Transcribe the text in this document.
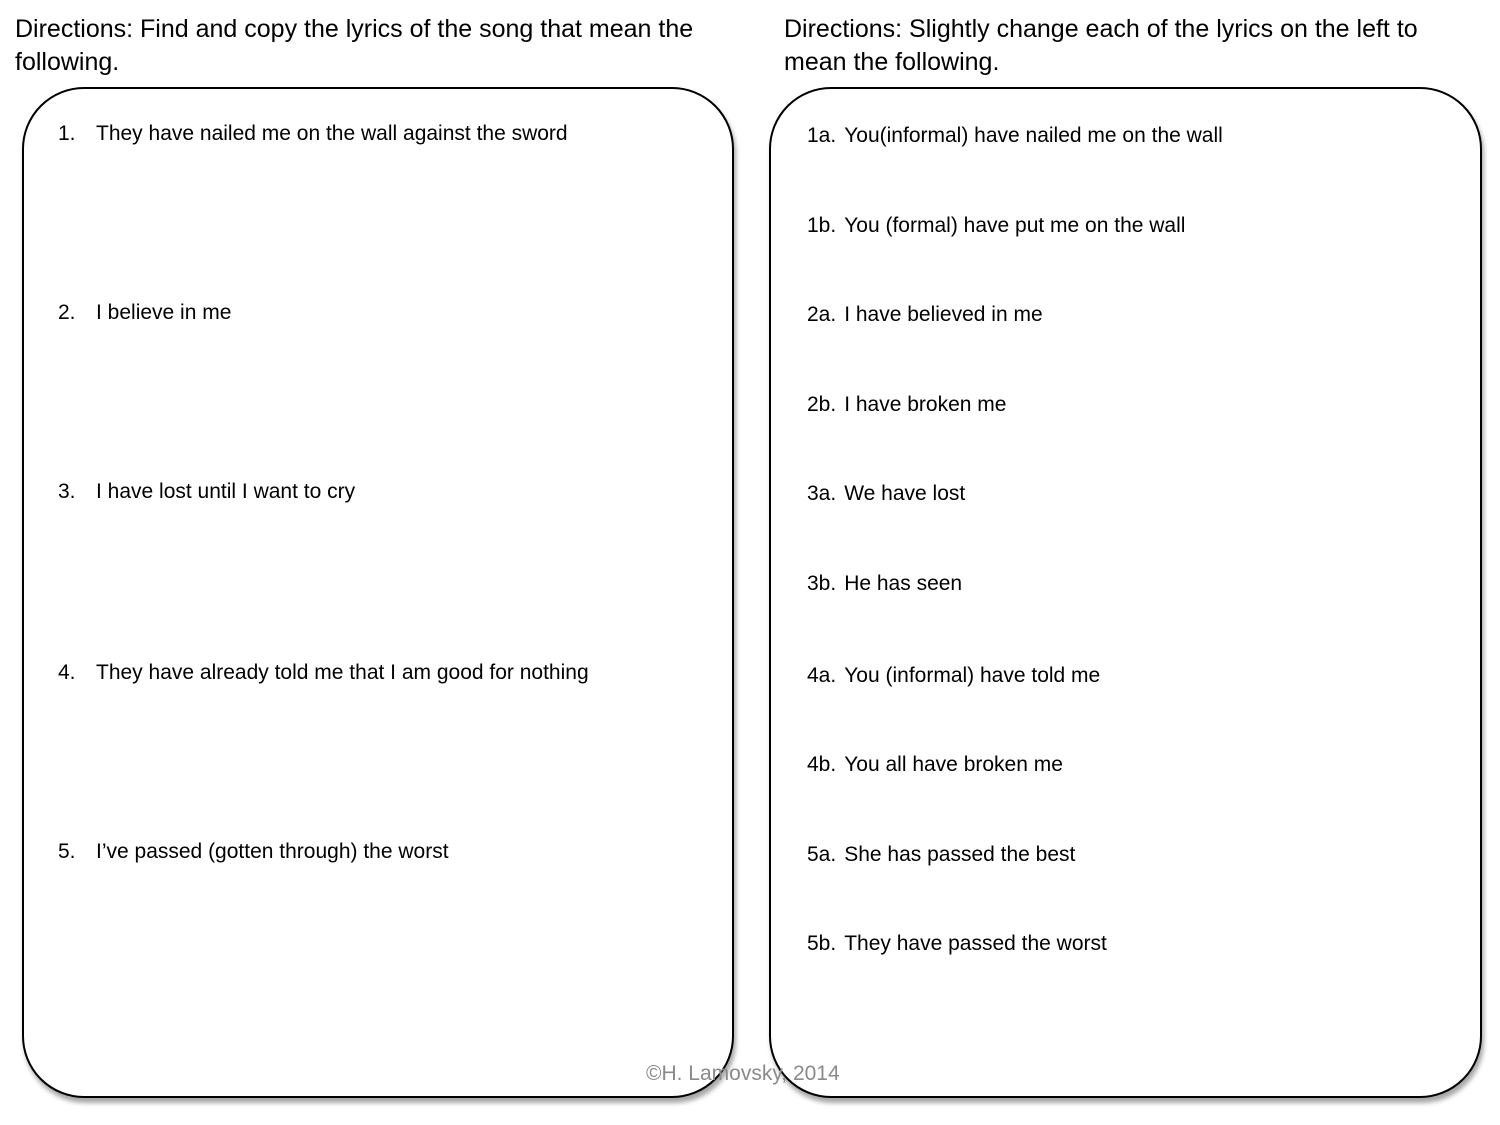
Directions: Find and copy the lyrics of the song that mean the following.

Directions: Slightly change each of the lyrics on the left to mean the following.

1. They have nailed me on the wall against the sword
2. I believe in me
3. I have lost until I want to cry
4. They have already told me that I am good for nothing
5. I’ve passed (gotten through) the worst
1a. You(informal) have nailed me on the wall
1b. You (formal) have put me on the wall
2a. I have believed in me
2b. I have broken me
3a. We have lost
3b. He has seen
4a. You (informal) have told me
4b. You all have broken me
5a. She has passed the best
5b. They have passed the worst
©H. Lamovsky, 2014
